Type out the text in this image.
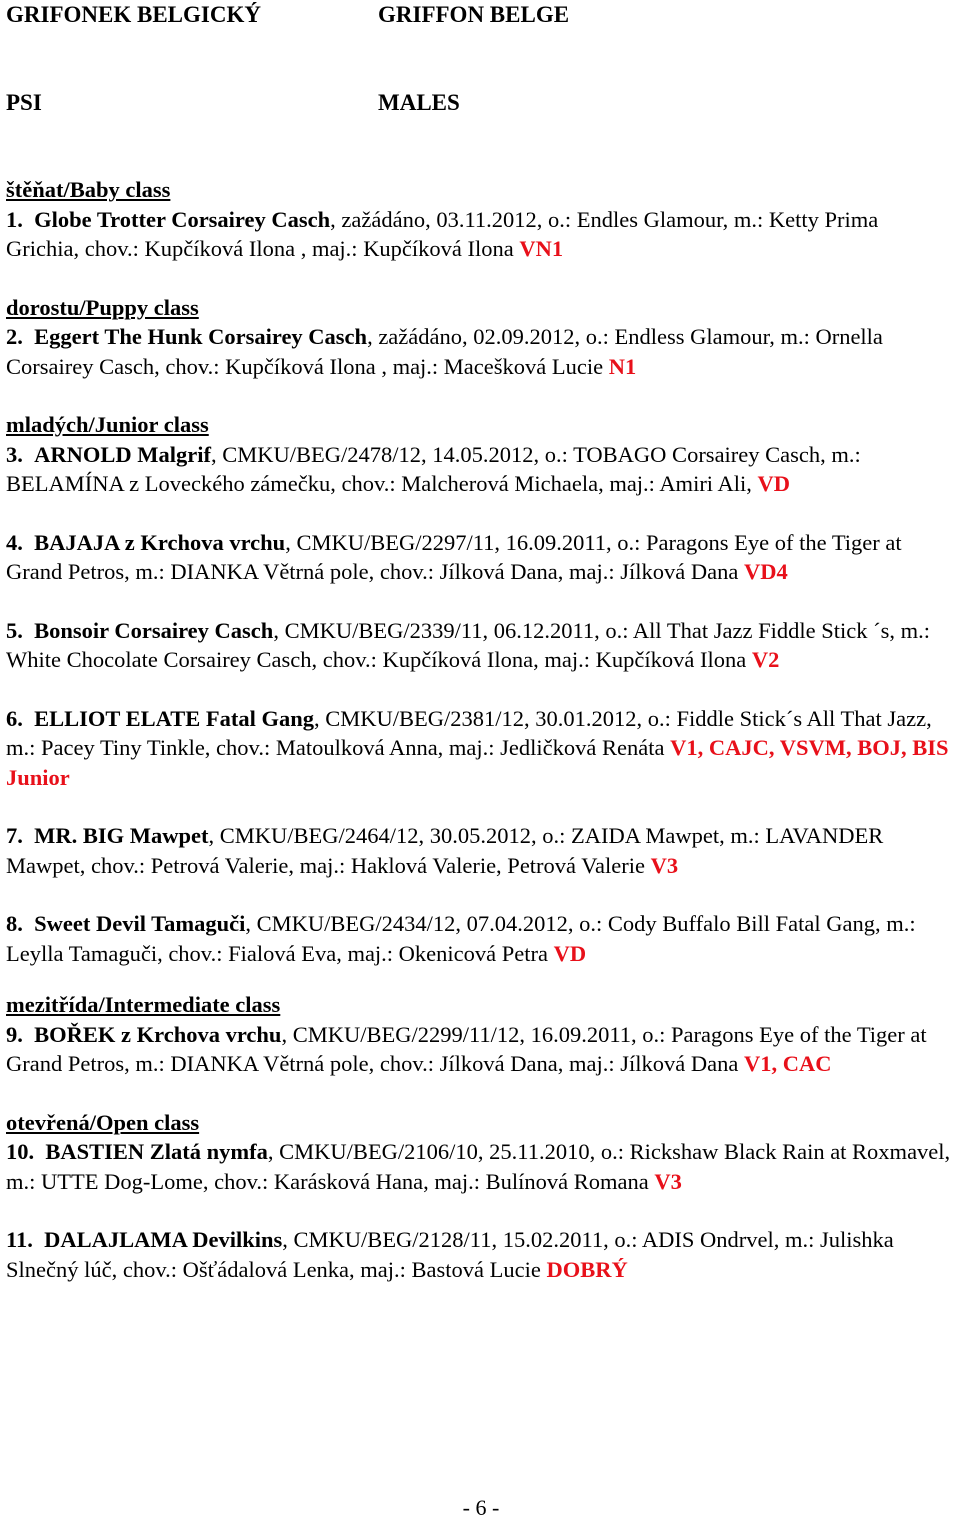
GRIFONEK BELGICKÝ	GRIFFON BELGE
PSI	MALES
štěňat/Baby class
1. Globe Trotter Corsairey Casch, zažádáno, 03.11.2012, o.: Endles Glamour, m.: Ketty Prima Grichia, chov.: Kupčíková Ilona , maj.: Kupčíková Ilona VN1
dorostu/Puppy class
2. Eggert The Hunk Corsairey Casch, zažádáno, 02.09.2012, o.: Endless Glamour, m.: Ornella Corsairey Casch, chov.: Kupčíková Ilona , maj.: Macešková Lucie N1
mladých/Junior class
3. ARNOLD Malgrif, CMKU/BEG/2478/12, 14.05.2012, o.: TOBAGO Corsairey Casch, m.: BELAMÍNA z Loveckého zámečku, chov.: Malcherová Michaela, maj.: Amiri Ali, VD
4. BAJAJA z Krchova vrchu, CMKU/BEG/2297/11, 16.09.2011, o.: Paragons Eye of the Tiger at Grand Petros, m.: DIANKA Větrná pole, chov.: Jílková Dana, maj.: Jílková Dana VD4
5. Bonsoir Corsairey Casch, CMKU/BEG/2339/11, 06.12.2011, o.: All That Jazz Fiddle Stick ´s, m.: White Chocolate Corsairey Casch, chov.: Kupčíková Ilona, maj.: Kupčíková Ilona V2
6. ELLIOT ELATE Fatal Gang, CMKU/BEG/2381/12, 30.01.2012, o.: Fiddle Stick´s All That Jazz, m.: Pacey Tiny Tinkle, chov.: Matoulková Anna, maj.: Jedličková Renáta V1, CAJC, VSVM, BOJ, BIS Junior
7. MR. BIG Mawpet, CMKU/BEG/2464/12, 30.05.2012, o.: ZAIDA Mawpet, m.: LAVANDER Mawpet, chov.: Petrová Valerie, maj.: Haklová Valerie, Petrová Valerie V3
8. Sweet Devil Tamaguči, CMKU/BEG/2434/12, 07.04.2012, o.: Cody Buffalo Bill Fatal Gang, m.: Leylla Tamaguči, chov.: Fialová Eva, maj.: Okenicová Petra VD
mezitřída/Intermediate class
9. BOŘEK z Krchova vrchu, CMKU/BEG/2299/11/12, 16.09.2011, o.: Paragons Eye of the Tiger at Grand Petros, m.: DIANKA Větrná pole, chov.: Jílková Dana, maj.: Jílková Dana V1, CAC
otevřená/Open class
10. BASTIEN Zlatá nymfa, CMKU/BEG/2106/10, 25.11.2010, o.: Rickshaw Black Rain at Roxmavel, m.: UTTE Dog-Lome, chov.: Karásková Hana, maj.: Bulínová Romana V3
11. DALAJLAMA Devilkins, CMKU/BEG/2128/11, 15.02.2011, o.: ADIS Ondrvel, m.: Julishka Slnečný lúč, chov.: Ošťádalová Lenka, maj.: Bastová Lucie DOBRÝ
- 6 -
